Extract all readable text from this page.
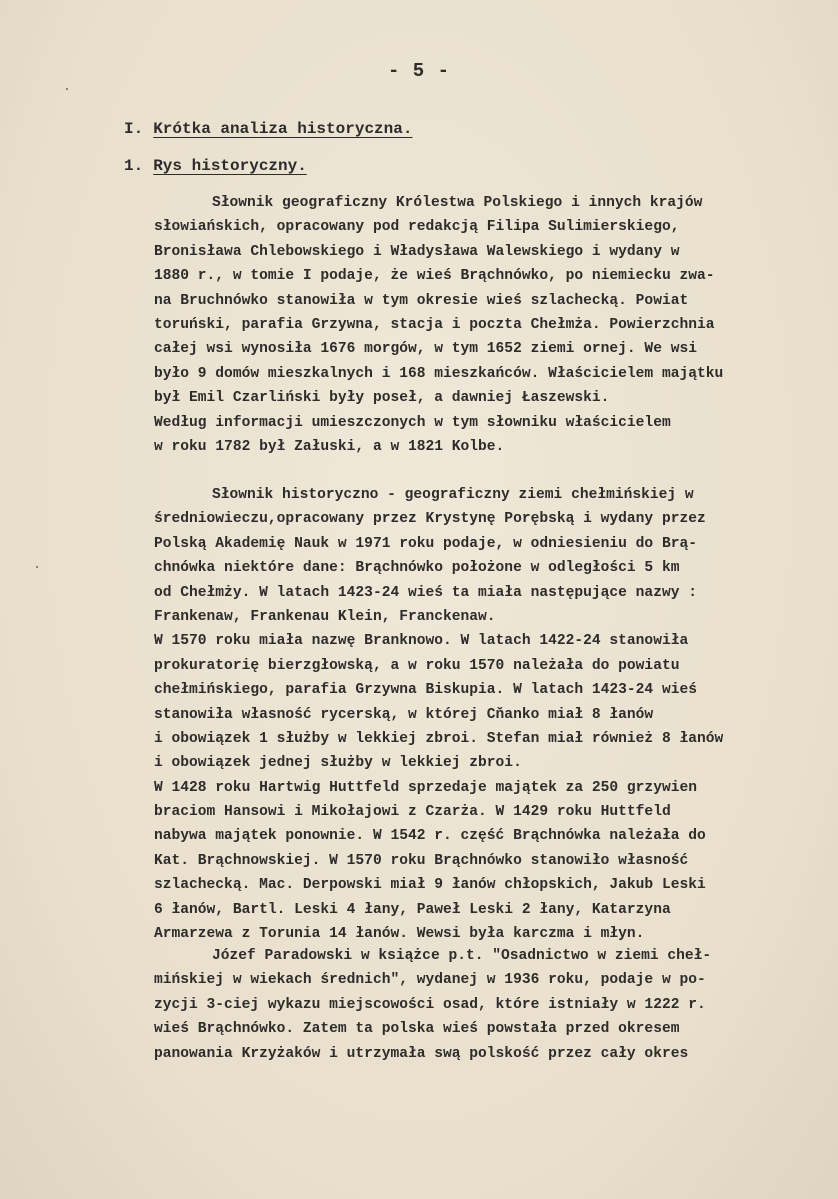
- 5 -
I. Krótka analiza historyczna.
1. Rys historyczny.
Słownik geograficzny Królestwa Polskiego i innych krajów
słowiańskich, opracowany pod redakcją Filipa Sulimierskiego,
Bronisława Chlebowskiego i Władysława Walewskiego i wydany w
1880 r., w tomie I podaje, że wieś Brąchnówko, po niemiecku zwa-
na Bruchnówko stanowiła w tym okresie wieś szlachecką. Powiat
toruński, parafia Grzywna, stacja i poczta Chełmża. Powierzchnia
całej wsi wynosiła 1676 morgów, w tym 1652 ziemi ornej. We wsi
było 9 domów mieszkalnych i 168 mieszkańców. Właścicielem majątku
był Emil Czarliński były poseł, a dawniej Łaszewski.
Według informacji umieszczonych w tym słowniku właścicielem
w roku 1782 był Załuski, a w 1821 Kolbe.
Słownik historyczno - geograficzny ziemi chełmińskiej w
średniowieczu,opracowany przez Krystynę Porębską i wydany przez
Polską Akademię Nauk w 1971 roku podaje, w odniesieniu do Brą-
chnówka niektóre dane: Brąchnówko położone w odległości 5 km
od Chełmży. W latach 1423-24 wieś ta miała następujące nazwy :
Frankenaw, Frankenau Klein, Franckenaw.
W 1570 roku miała nazwę Branknowo. W latach 1422-24 stanowiła
prokuratorię bierzgłowską, a w roku 1570 należała do powiatu
chełmińskiego, parafia Grzywna Biskupia. W latach 1423-24 wieś
stanowiła własność rycerską, w której Cňanko miał 8 łanów
i obowiązek 1 służby w lekkiej zbroi. Stefan miał również 8 łanów
i obowiązek jednej służby w lekkiej zbroi.
W 1428 roku Hartwig Huttfeld sprzedaje majątek za 250 grzywien
braciom Hansowi i Mikołajowi z Czarża. W 1429 roku Huttfeld
nabywa majątek ponownie. W 1542 r. część Brąchnówka należała do
Kat. Brąchnowskiej. W 1570 roku Brąchnówko stanowiło własność
szlachecką. Mac. Derpowski miał 9 łanów chłopskich, Jakub Leski
6 łanów, Bartl. Leski 4 łany, Paweł Leski 2 łany, Katarzyna
Armarzewa z Torunia 14 łanów. Wewsi była karczma i młyn.
Józef Paradowski w książce p.t. "Osadnictwo w ziemi cheł-
mińskiej w wiekach średnich", wydanej w 1936 roku, podaje w po-
zycji 3-ciej wykazu miejscowości osad, które istniały w 1222 r.
wieś Brąchnówko. Zatem ta polska wieś powstała przed okresem
panowania Krzyżaków i utrzymała swą polskość przez cały okres
